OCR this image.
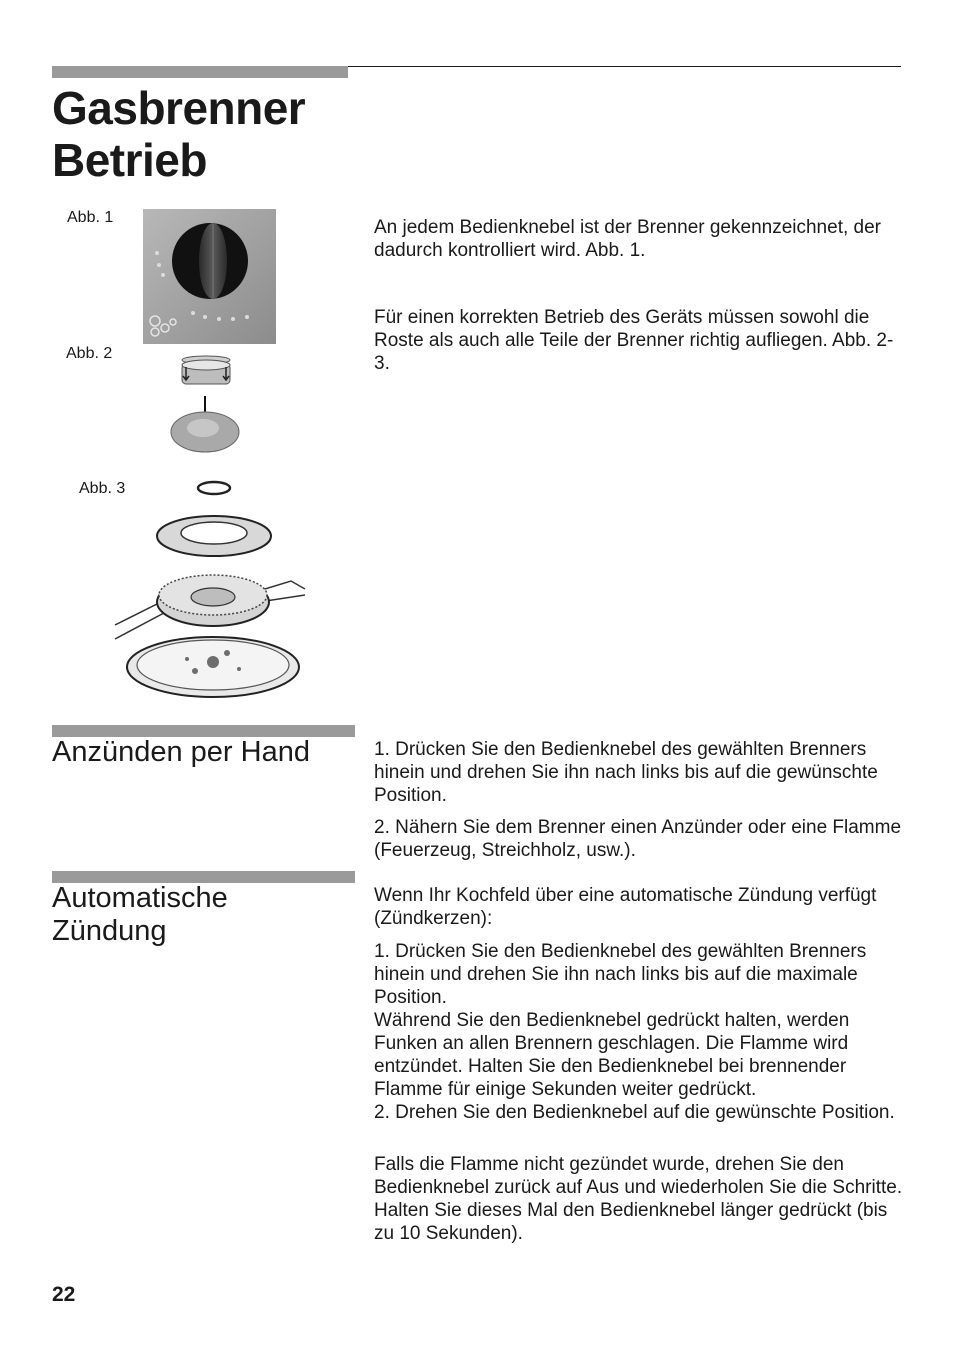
Gasbrenner
Betrieb
Abb. 1
Abb. 2
Abb. 3

An jedem Bedienknebel ist der Brenner gekennzeichnet, der dadurch kontrolliert wird. Abb. 1.

Für einen korrekten Betrieb des Geräts müssen sowohl die Roste als auch alle Teile der Brenner richtig aufliegen. Abb. 2-3.

Anzünden per Hand	1. Drücken Sie den Bedienknebel des gewählten Brenners hinein und drehen Sie ihn nach links bis auf die gewünschte Position.

2. Nähern Sie dem Brenner einen Anzünder oder eine Flamme (Feuerzeug, Streichholz, usw.).

Automatische Zündung

Wenn Ihr Kochfeld über eine automatische Zündung verfügt (Zündkerzen):

1. Drücken Sie den Bedienknebel des gewählten Brenners hinein und drehen Sie ihn nach links bis auf die maximale Position.
Während Sie den Bedienknebel gedrückt halten, werden Funken an allen Brennern geschlagen. Die Flamme wird entzündet. Halten Sie den Bedienknebel bei brennender Flamme für einige Sekunden weiter gedrückt.
2. Drehen Sie den Bedienknebel auf die gewünschte Position.

Falls die Flamme nicht gezündet wurde, drehen Sie den Bedienknebel zurück auf Aus und wiederholen Sie die Schritte. Halten Sie dieses Mal den Bedienknebel länger gedrückt (bis zu 10 Sekunden).

22
